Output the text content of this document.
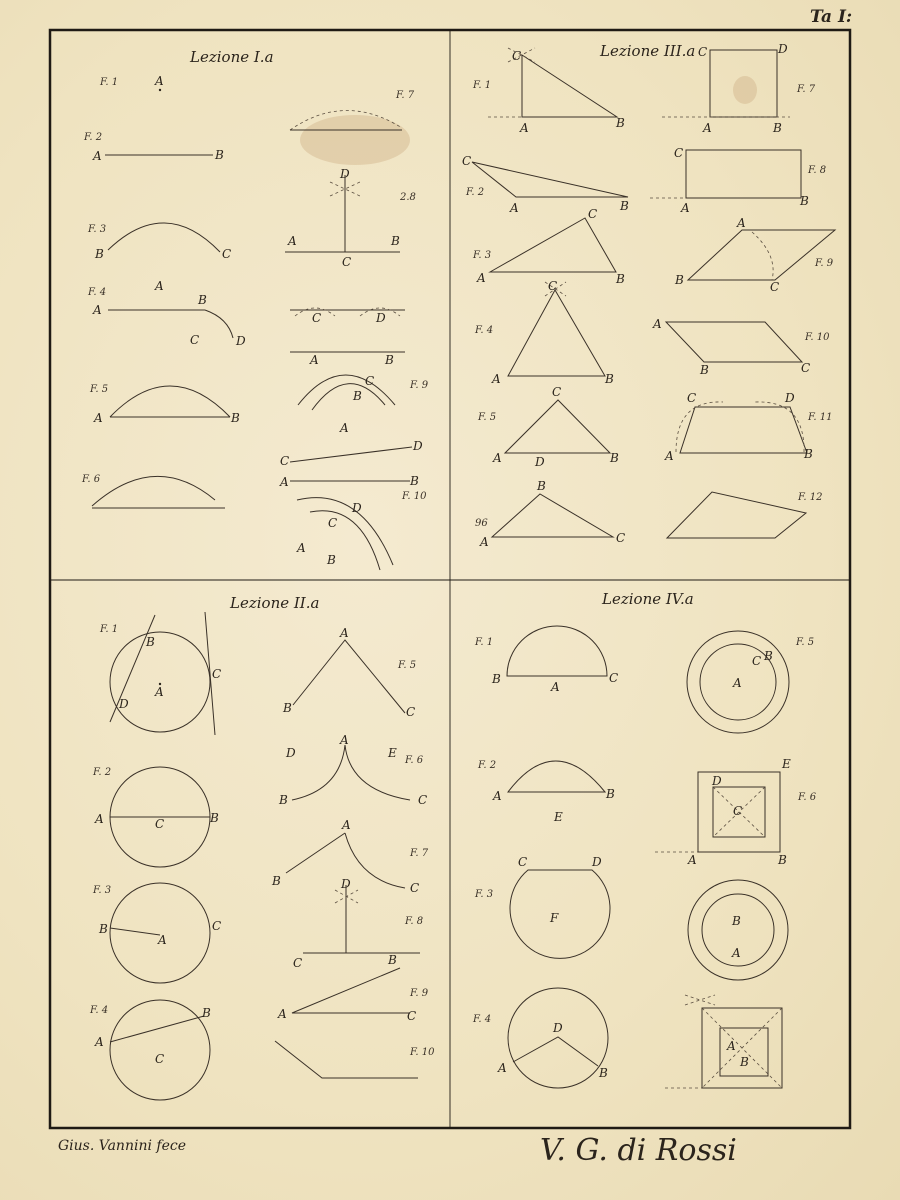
Ta I:
Lezione I.a	Lezione III.a
Lezione II.a	Lezione IV.a
F. 1	A
F. 2
A	B
F. 3
B	C
F. 4	A
A
B
C	D
F. 5
A	B
F. 6
F. 7
2.8
D
A	B
C
C	D
A	B
F. 9
C
B
A
C
D
A	B
F. 10
D
C
A
B
F. 1
C
A	B
F. 2
C
A	B
F. 3
A
C
B
F. 4
C
A	B
F. 5
C
A	D	B
96
B
A	C
F. 7
C	D
A	B
F. 8
C
A	B
F. 9
A
B	C
F. 10
A
B	C
F. 11
C	D
A	B
F. 12
F. 1
B
A
C
D
F. 2
A	C	B
F. 3
B
A
C
F. 4
A
B
C
F. 5
A
B	C
F. 6
A
D	E
B	C
F. 7
A
B	C
F. 8
D
C	B
F. 9
A	C
F. 10
F. 1
B
A
C
F. 2
A	B
E
F. 3
C	D
F
F. 4
D
A	B
F. 5
A
C B
F. 6
D
E
C
A	B
B
A
A
B
Gius. Vannini fece	V. G. di Rossi
